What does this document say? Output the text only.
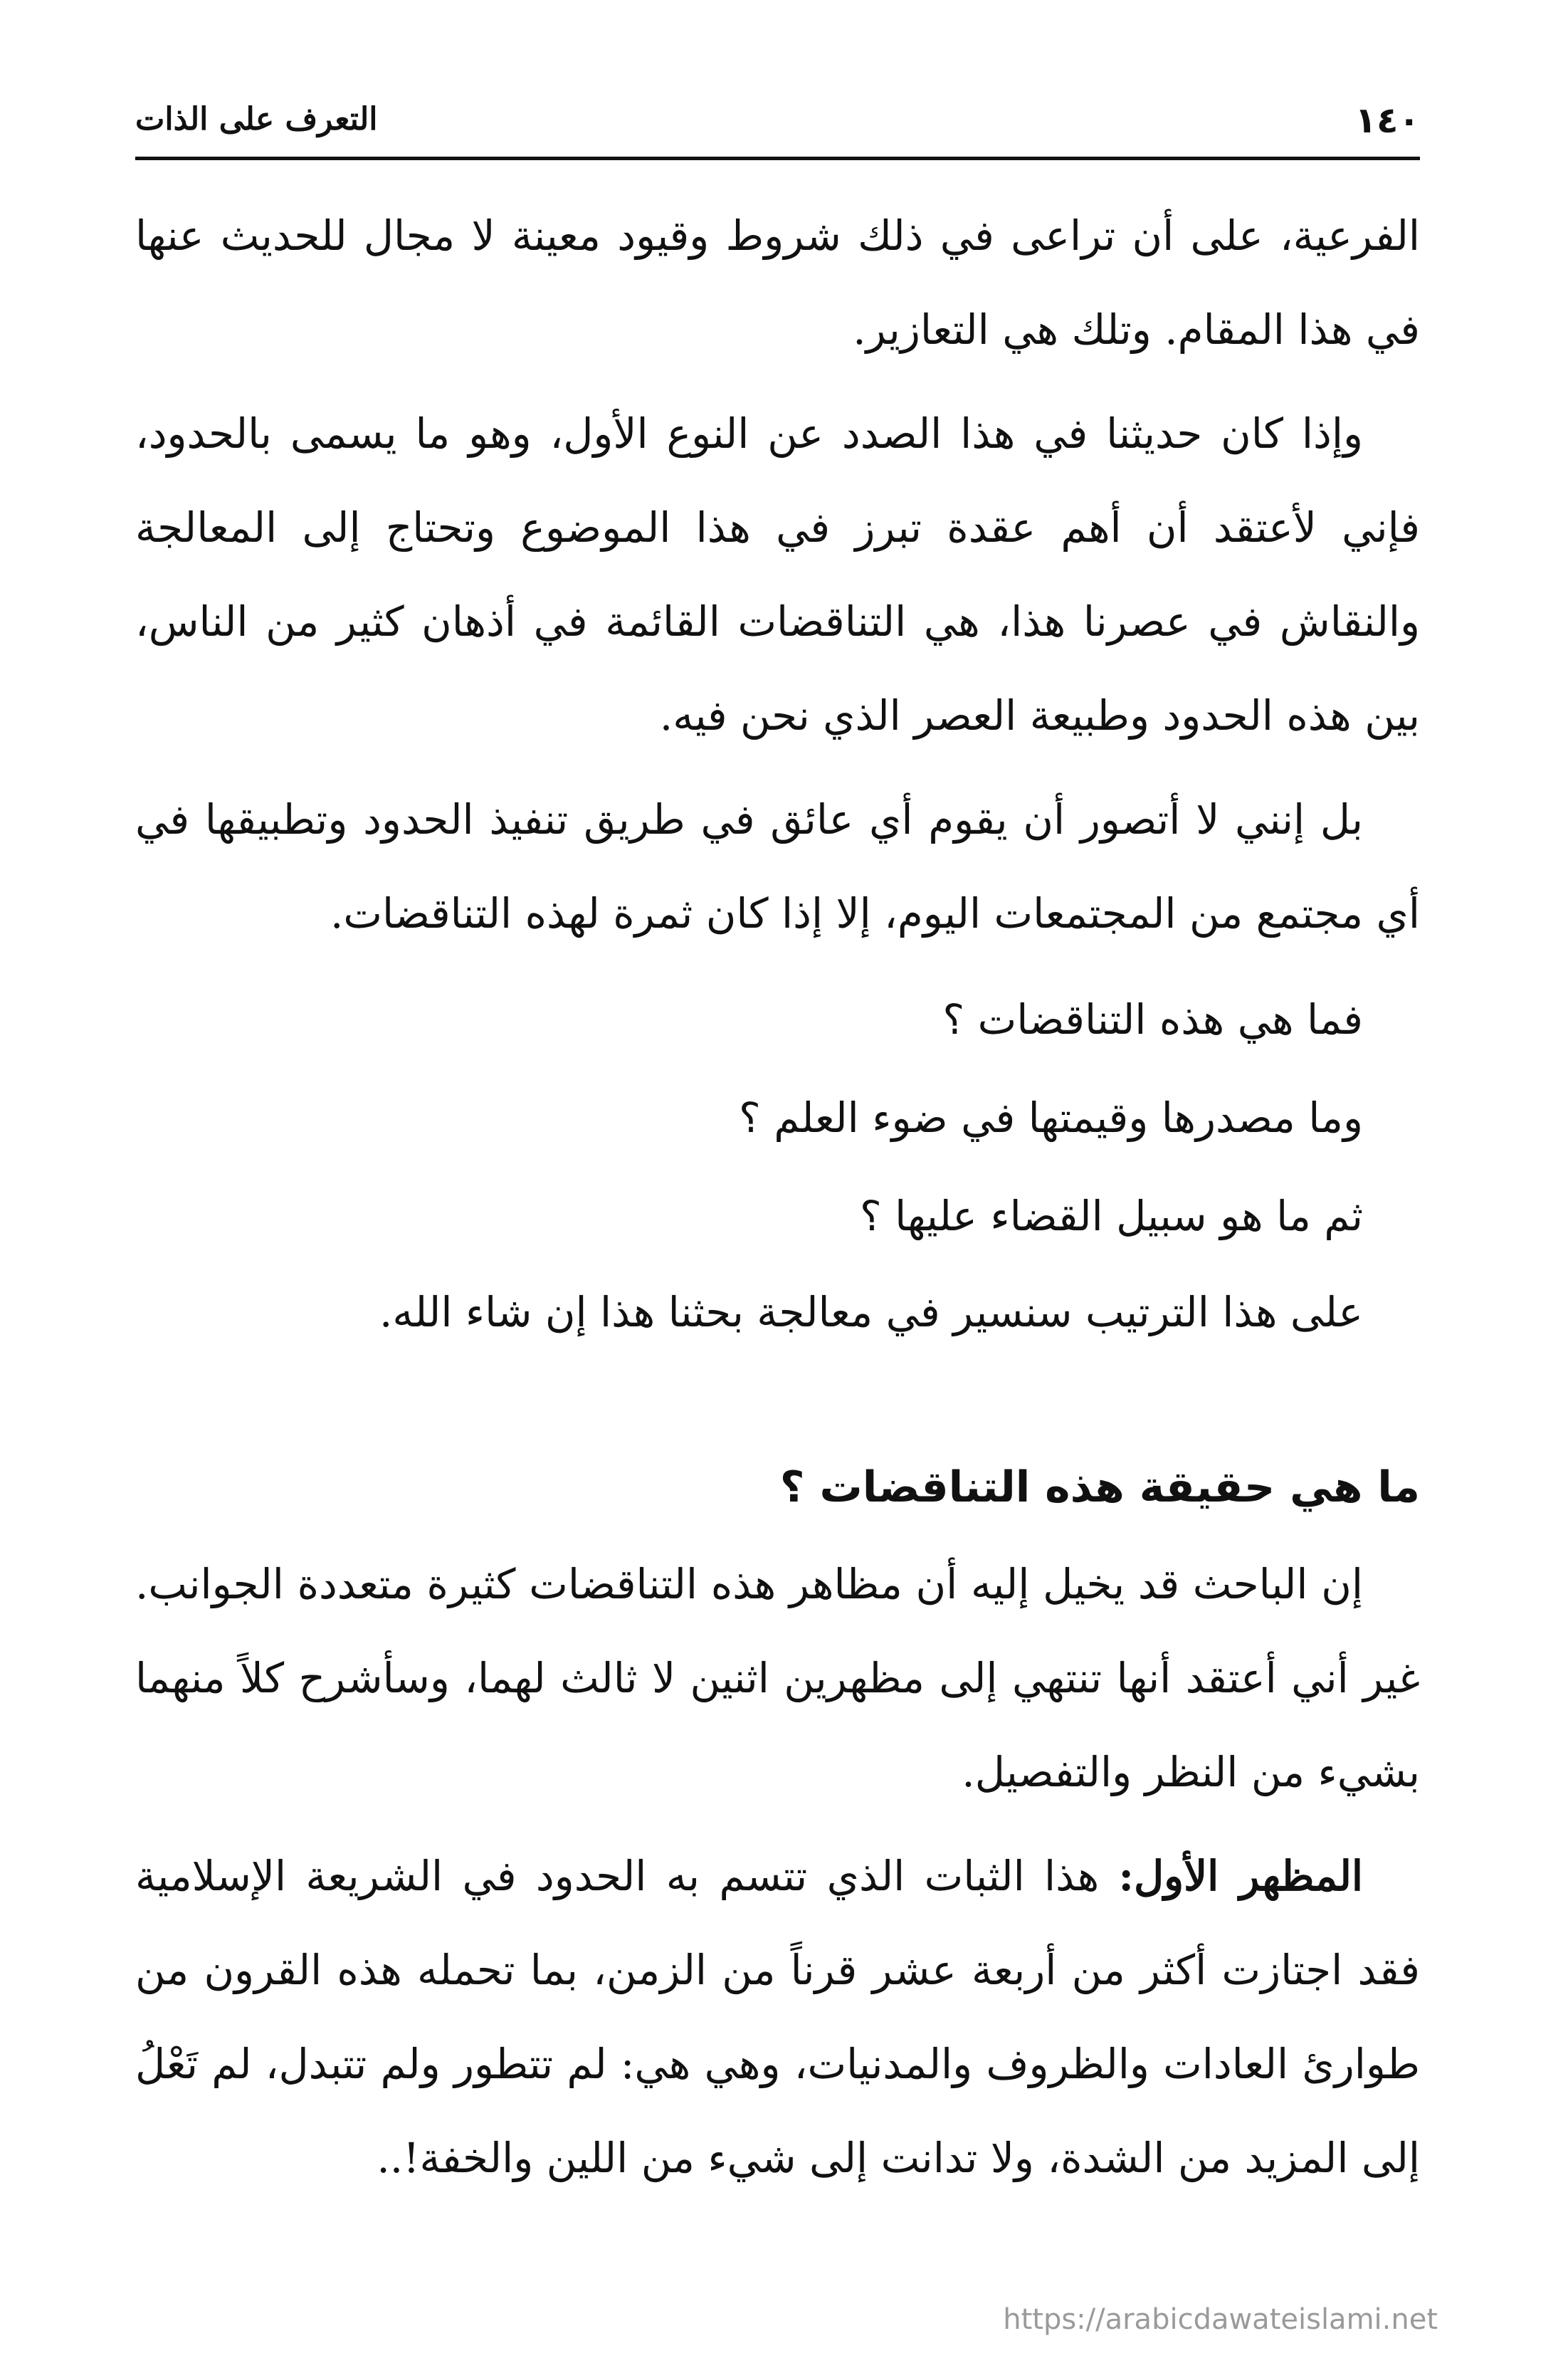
١٤٠
التعرف على الذات

الفرعية، على أن تراعى في ذلك شروط وقيود معينة لا مجال للحديث عنها في هذا المقام. وتلك هي التعازير.

وإذا كان حديثنا في هذا الصدد عن النوع الأول، وهو ما يسمى بالحدود، فإني لأعتقد أن أهم عقدة تبرز في هذا الموضوع وتحتاج إلى المعالجة والنقاش في عصرنا هذا، هي التناقضات القائمة في أذهان كثير من الناس، بين هذه الحدود وطبيعة العصر الذي نحن فيه.

بل إنني لا أتصور أن يقوم أي عائق في طريق تنفيذ الحدود وتطبيقها في أي مجتمع من المجتمعات اليوم، إلا إذا كان ثمرة لهذه التناقضات.

فما هي هذه التناقضات ؟

وما مصدرها وقيمتها في ضوء العلم ؟

ثم ما هو سبيل القضاء عليها ؟

على هذا الترتيب سنسير في معالجة بحثنا هذا إن شاء الله.

ما هي حقيقة هذه التناقضات ؟

إن الباحث قد يخيل إليه أن مظاهر هذه التناقضات كثيرة متعددة الجوانب. غير أني أعتقد أنها تنتهي إلى مظهرين اثنين لا ثالث لهما، وسأشرح كلاً منهما بشيء من النظر والتفصيل.

المظهر الأول: هذا الثبات الذي تتسم به الحدود في الشريعة الإسلامية فقد اجتازت أكثر من أربعة عشر قرناً من الزمن، بما تحمله هذه القرون من طوارئ العادات والظروف والمدنيات، وهي هي: لم تتطور ولم تتبدل، لم تَعْلُ إلى المزيد من الشدة، ولا تدانت إلى شيء من اللين والخفة!..

https://arabicdawateislami.net
